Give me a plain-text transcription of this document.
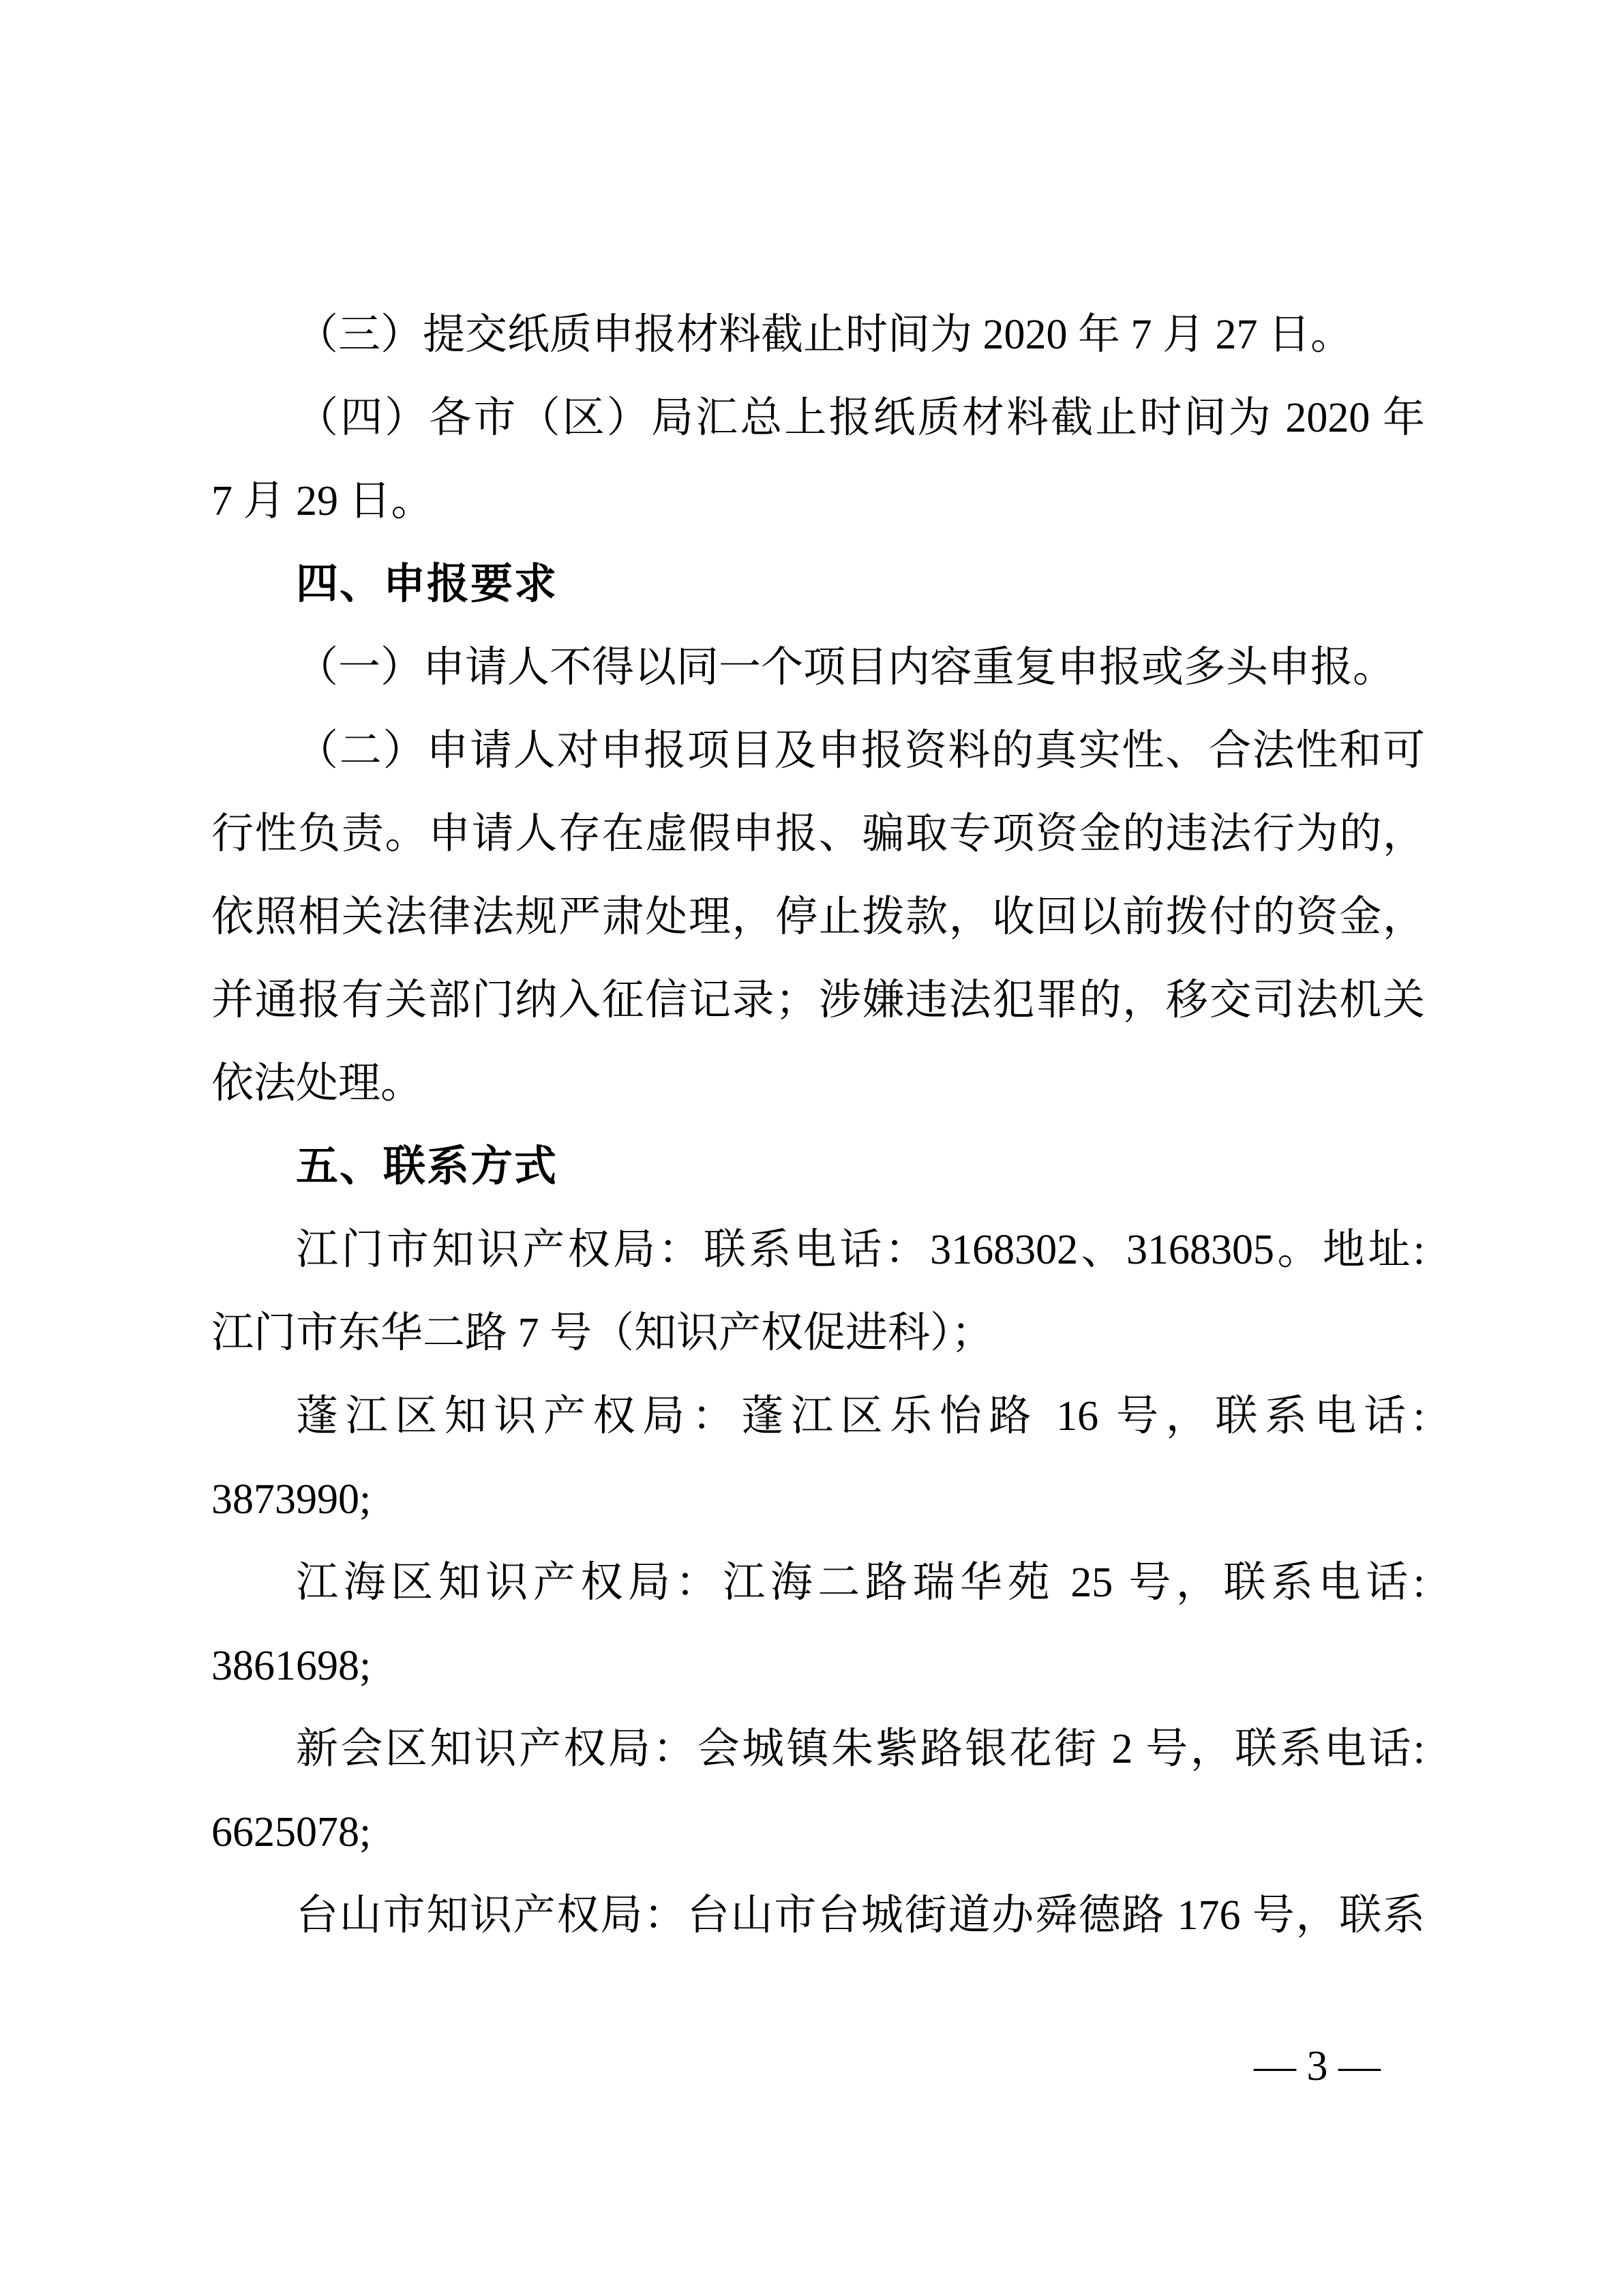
（三）提交纸质申报材料截止时间为 2020 年 7 月 27 日。
（四）各市（区）局汇总上报纸质材料截止时间为 2020 年
7 月 29 日。
四、申报要求
（一）申请人不得以同一个项目内容重复申报或多头申报。
（二）申请人对申报项目及申报资料的真实性、合法性和可
行性负责。申请人存在虚假申报、骗取专项资金的违法行为的，
依照相关法律法规严肃处理，停止拨款，收回以前拨付的资金，
并通报有关部门纳入征信记录；涉嫌违法犯罪的，移交司法机关
依法处理。
五、联系方式
江门市知识产权局：联系电话：3168302、3168305。地址:
江门市东华二路 7 号（知识产权促进科）；
蓬江区知识产权局：蓬江区乐怡路 16 号，联系电话:
3873990;
江海区知识产权局：江海二路瑞华苑 25 号，联系电话:
3861698;
新会区知识产权局：会城镇朱紫路银花街 2 号，联系电话:
6625078;
台山市知识产权局：台山市台城街道办舜德路 176 号，联系
— 3 —
